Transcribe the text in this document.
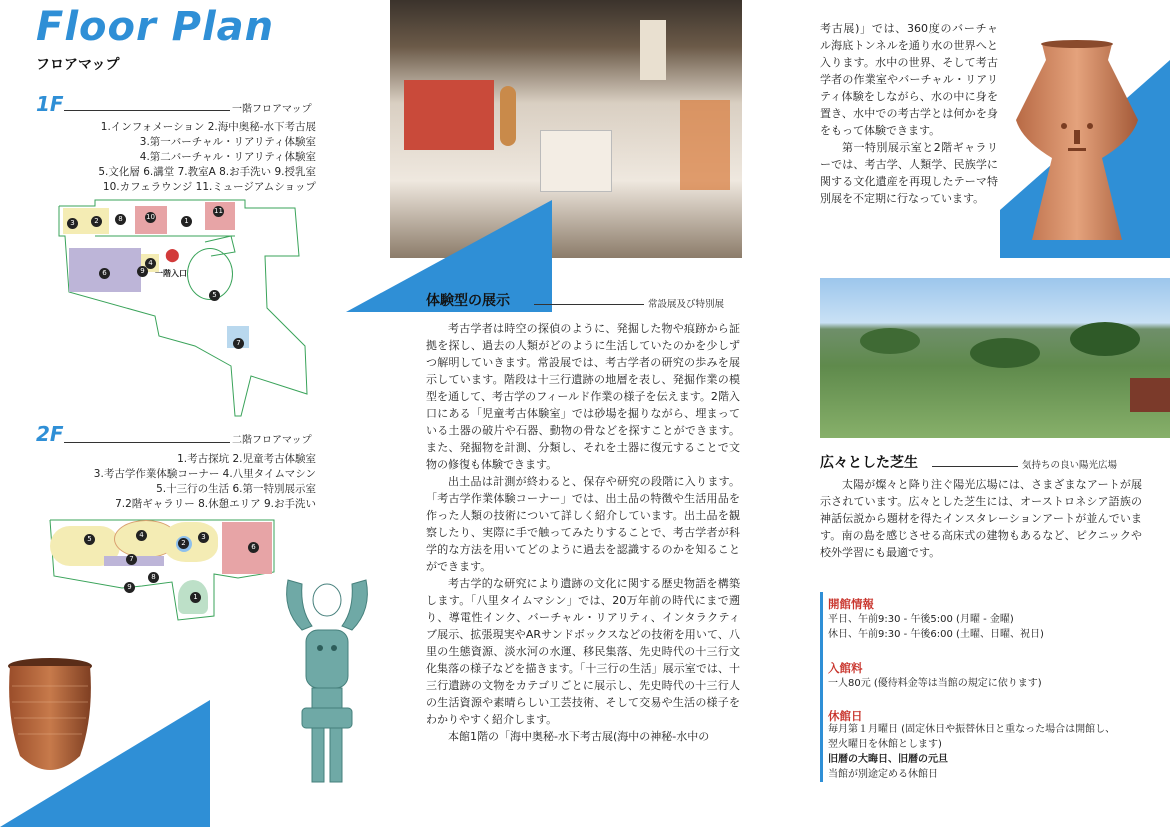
Floor Plan
フロアマップ
1F	一階フロアマップ
1.インフォメーション 2.海中奥秘-水下考古展
3.第一バーチャル・リアリティ体験室
4.第二バーチャル・リアリティ体験室
5.文化層 6.講堂 7.教室A 8.お手洗い 9.授乳室
10.カフェラウンジ 11.ミュージアムショップ
3	2	8	10	1
11
6
4
9
5
7
⬤
一階入口
2F	二階フロアマップ
1.考古探坑 2.児童考古体験室
3.考古学作業体験コーナー 4.八里タイムマシン
5.十三行の生活 6.第一特別展示室
7.2階ギャラリー 8.休憩エリア 9.お手洗い
5	4
2
3
6
9
8
7
1
体験型の展示	常設展及び特別展

考古学者は時空の探偵のように、発掘した物や痕跡から証拠を探し、過去の人類がどのように生活していたのかを少しずつ解明していきます。常設展では、考古学者の研究の歩みを展示しています。階段は十三行遺跡の地層を表し、発掘作業の模型を通して、考古学のフィールド作業の様子を伝えます。2階入口にある「児童考古体験室」では砂場を掘りながら、埋まっている土器の破片や石器、動物の骨などを探すことができます。また、発掘物を計測、分類し、それを土器に復元することで文物の修復も体験できます。

出土品は計測が終わると、保存や研究の段階に入ります。「考古学作業体験コーナー」では、出土品の特徴や生活用品を作った人類の技術について詳しく紹介しています。出土品を観察したり、実際に手で触ってみたりすることで、考古学者が科学的な方法を用いてどのように過去を認識するのかを知ることができます。

考古学的な研究により遺跡の文化に関する歴史物語を構築します。「八里タイムマシン」では、20万年前の時代にまで遡り、導電性インク、バーチャル・リアリティ、インタラクティブ展示、拡張現実やARサンドボックスなどの技術を用いて、八里の生態資源、淡水河の水運、移民集落、先史時代の十三行文化集落の様子などを描きます。「十三行の生活」展示室では、十三行遺跡の文物をカテゴリごとに展示し、先史時代の十三行人の生活資源や素晴らしい工芸技術、そして交易や生活の様子をわかりやすく紹介します。

本館1階の「海中奥秘-水下考古展(海中の神秘-水中の

考古展)」では、360度のバーチャル海底トンネルを通り水の世界へと入ります。水中の世界、そして考古学者の作業室やバーチャル・リアリティ体験をしながら、水の中に身を置き、水中での考古学とは何かを身をもって体験できます。

第一特別展示室と2階ギャラリーでは、考古学、人類学、民族学に関する文化遺産を再現したテーマ特別展を不定期に行なっています。

広々とした芝生	気持ちの良い陽光広場

太陽が燦々と降り注ぐ陽光広場には、さまざまなアートが展示されています。広々とした芝生には、オーストロネシア語族の神話伝説から題材を得たインスタレーションアートが並んでいます。南の島を感じさせる高床式の建物もあるなど、ピクニックや校外学習にも最適です。

開館情報
平日、午前9:30 - 午後5:00 (月曜 - 金曜)
休日、午前9:30 - 午後6:00 (土曜、日曜、祝日)
入館料
一人80元 (優待料金等は当館の規定に依ります)
休館日
毎月第１月曜日 (固定休日や振替休日と重なった場合は開館し、
翌火曜日を休館とします)
旧暦の大晦日、旧暦の元旦
当館が別途定める休館日
